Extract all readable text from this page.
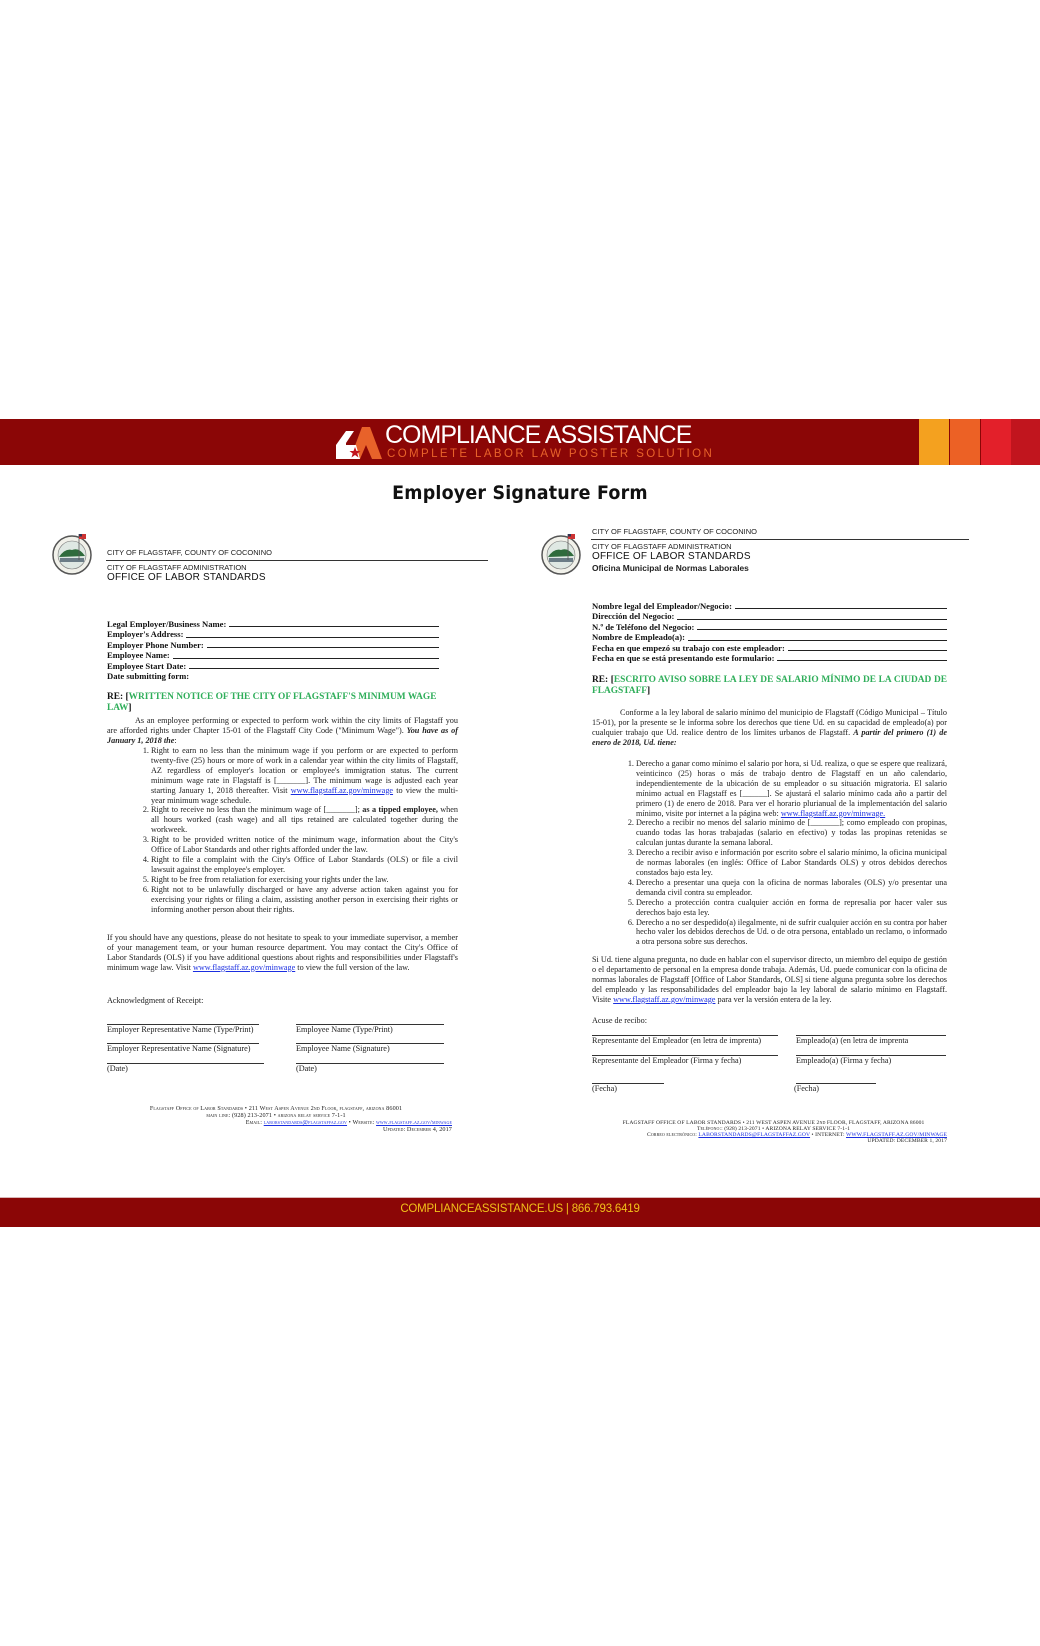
COMPLIANCE ASSISTANCE
COMPLETE LABOR LAW POSTER SOLUTION
Employer Signature Form
CITY OF FLAGSTAFF, COUNTY OF COCONINO
CITY OF FLAGSTAFF ADMINISTRATION
OFFICE OF LABOR STANDARDS
Legal Employer/Business Name:
Employer's Address:
Employer Phone Number:
Employee Name:
Employee Start Date:
Date submitting form:
RE: [WRITTEN NOTICE OF THE CITY OF FLAGSTAFF'S MINIMUM WAGE LAW]
As an employee performing or expected to perform work within the city limits of Flagstaff you are afforded rights under Chapter 15-01 of the Flagstaff City Code ("Minimum Wage"). You have as of January 1, 2018 the:
1. Right to earn no less than the minimum wage if you perform or are expected to perform twenty-five (25) hours or more of work in a calendar year within the city limits of Flagstaff, AZ regardless of employer's location or employee's immigration status. The current minimum wage rate in Flagstaff is [_______]. The minimum wage is adjusted each year starting January 1, 2018 thereafter. Visit www.flagstaff.az.gov/minwage to view the multi-year minimum wage schedule.
2. Right to receive no less than the minimum wage of [_______]; as a tipped employee, when all hours worked (cash wage) and all tips retained are calculated together during the workweek.
3. Right to be provided written notice of the minimum wage, information about the City's Office of Labor Standards and other rights afforded under the law.
4. Right to file a complaint with the City's Office of Labor Standards (OLS) or file a civil lawsuit against the employee's employer.
5. Right to be free from retaliation for exercising your rights under the law.
6. Right not to be unlawfully discharged or have any adverse action taken against you for exercising your rights or filing a claim, assisting another person in exercising their rights or informing another person about their rights.
If you should have any questions, please do not hesitate to speak to your immediate supervisor, a member of your management team, or your human resource department. You may contact the City's Office of Labor Standards (OLS) if you have additional questions about rights and responsibilities under Flagstaff's minimum wage law. Visit www.flagstaff.az.gov/minwage to view the full version of the law.
Acknowledgment of Receipt:
Employer Representative Name (Type/Print)	Employee Name (Type/Print)
Employer Representative Name (Signature)	Employee Name (Signature)
(Date)	(Date)
Flagstaff Office of Labor Standards • 211 West Aspen Avenue 2nd Floor, flagstaff, arizona 86001
main line: (928) 213-2071 • arizona relay service 7-1-1
Email: laborstandards@flagstaffaz.gov • Website: www.flagstaff.az.gov/minwage
Updated: December 4, 2017
CITY OF FLAGSTAFF, COUNTY OF COCONINO
CITY OF FLAGSTAFF ADMINISTRATION
OFFICE OF LABOR STANDARDS
Oficina Municipal de Normas Laborales
Nombre legal del Empleador/Negocio:
Dirección del Negocio:
N.º de Teléfono del Negocio:
Nombre de Empleado(a):
Fecha en que empezó su trabajo con este empleador:
Fecha en que se está presentando este formulario:
RE: [ESCRITO AVISO SOBRE LA LEY DE SALARIO MÍNIMO DE LA CIUDAD DE FLAGSTAFF]
Conforme a la ley laboral de salario mínimo del municipio de Flagstaff (Código Municipal – Título 15-01), por la presente se le informa sobre los derechos que tiene Ud. en su capacidad de empleado(a) por cualquier trabajo que Ud. realice dentro de los límites urbanos de Flagstaff. A partir del primero (1) de enero de 2018, Ud. tiene:
1. Derecho a ganar como mínimo el salario por hora, si Ud. realiza, o que se espere que realizará, veinticinco (25) horas o más de trabajo dentro de Flagstaff en un año calendario, independientemente de la ubicación de su empleador o su situación migratoria. El salario mínimo actual en Flagstaff es [______]. Se ajustará el salario mínimo cada año a partir del primero (1) de enero de 2018. Para ver el horario plurianual de la implementación del salario mínimo, visite por internet a la página web: www.flagstaff.az.gov/minwage.
2. Derecho a recibir no menos del salario mínimo de [_______]; como empleado con propinas, cuando todas las horas trabajadas (salario en efectivo) y todas las propinas retenidas se calculan juntas durante la semana laboral.
3. Derecho a recibir aviso e información por escrito sobre el salario mínimo, la oficina municipal de normas laborales (en inglés: Office of Labor Standards OLS) y otros debidos derechos constados bajo esta ley.
4. Derecho a presentar una queja con la oficina de normas laborales (OLS) y/o presentar una demanda civil contra su empleador.
5. Derecho a protección contra cualquier acción en forma de represalia por hacer valer sus derechos bajo esta ley.
6. Derecho a no ser despedido(a) ilegalmente, ni de sufrir cualquier acción en su contra por haber hecho valer los debidos derechos de Ud. o de otra persona, entablado un reclamo, o informado a otra persona sobre sus derechos.
Si Ud. tiene alguna pregunta, no dude en hablar con el supervisor directo, un miembro del equipo de gestión o el departamento de personal en la empresa donde trabaja. Además, Ud. puede comunicar con la oficina de normas laborales de Flagstaff [Office of Labor Standards, OLS] si tiene alguna pregunta sobre los derechos del empleado y las responsabilidades del empleador bajo la ley laboral de salario mínimo en Flagstaff. Visite www.flagstaff.az.gov/minwage para ver la versión entera de la ley.
Acuse de recibo:
Representante del Empleador (en letra de imprenta)	Empleado(a) (en letra de imprenta
Representante del Empleador (Firma y fecha)	Empleado(a) (Firma y fecha)
(Fecha)	(Fecha)
FLAGSTAFF OFFICE OF LABOR STANDARDS • 211 WEST ASPEN AVENUE 2nd FLOOR, FLAGSTAFF, ARIZONA 86001
Teléfono:: (928) 213-2071 • ARIZONA RELAY SERVICE 7-1-1
Correo electrónico: LABORSTANDARDS@FLAGSTAFFAZ.GOV • INTERNET: WWW.FLAGSTAFF.AZ.GOV/MINWAGE
UPDATED: DECEMBER 1, 2017
COMPLIANCEASSISTANCE.US | 866.793.6419
